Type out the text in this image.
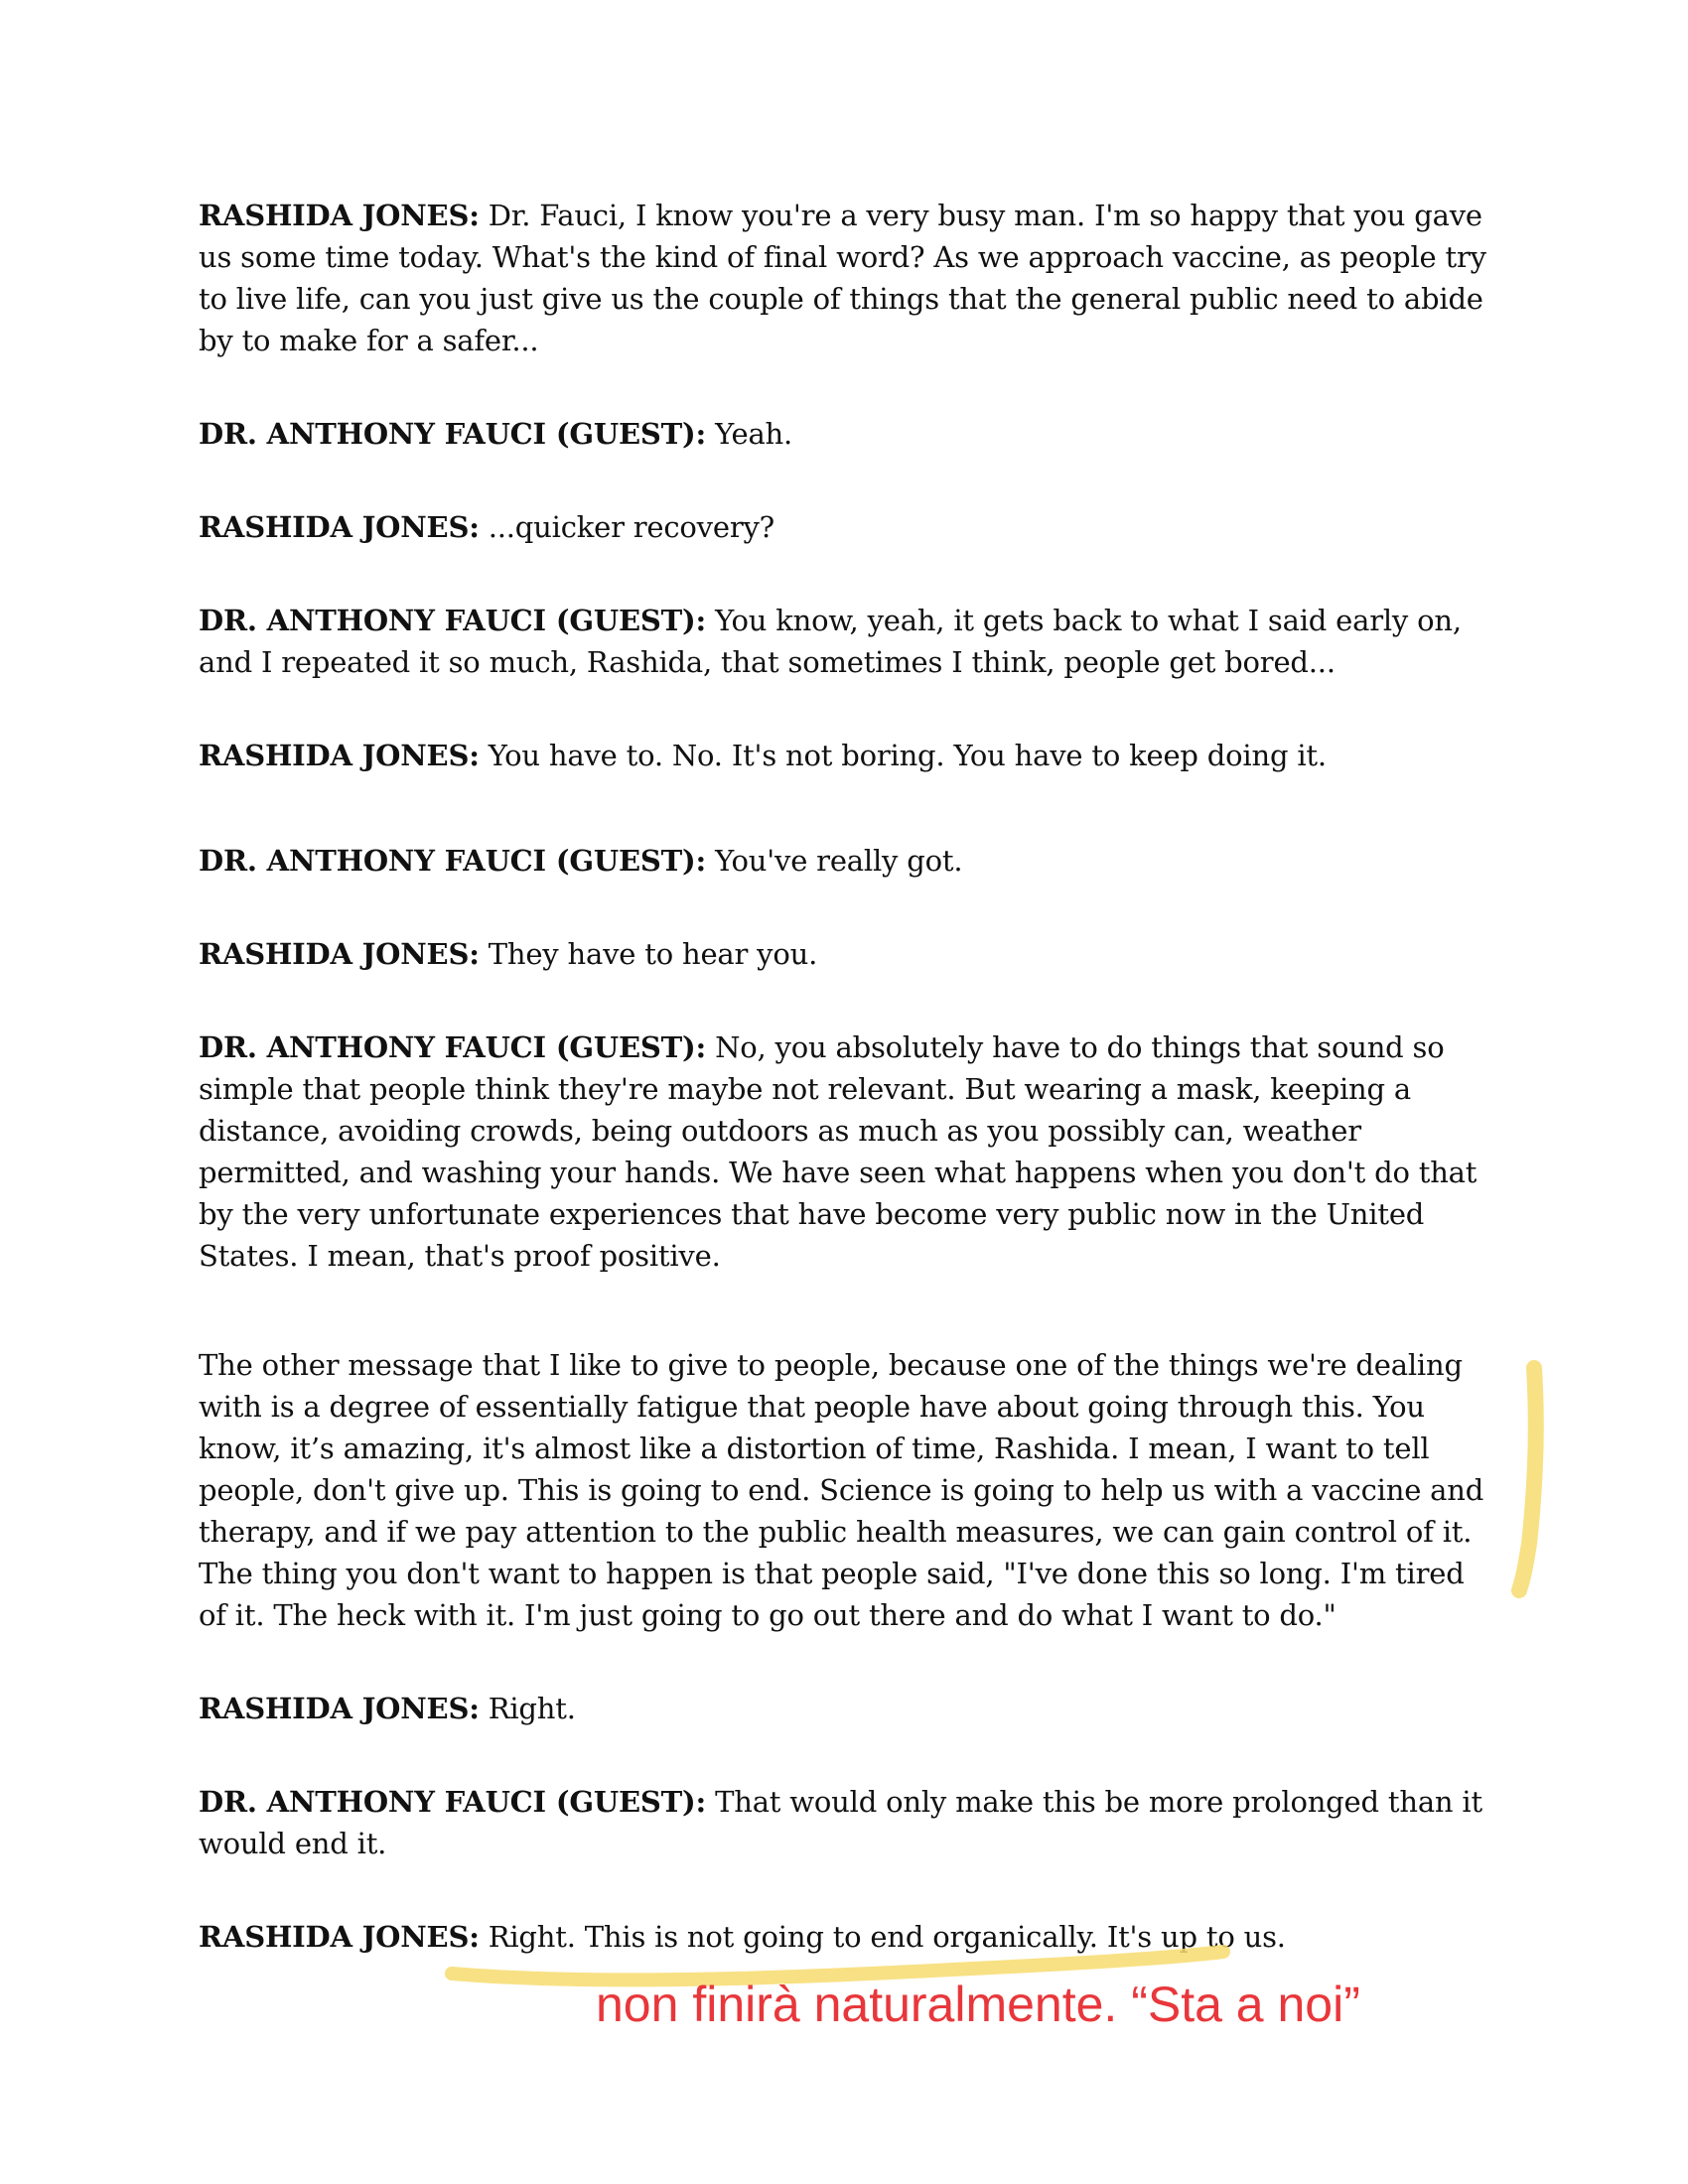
RASHIDA JONES: Dr. Fauci, I know you're a very busy man. I'm so happy that you gave us some time today. What's the kind of final word? As we approach vaccine, as people try to live life, can you just give us the couple of things that the general public need to abide by to make for a safer...

DR. ANTHONY FAUCI (GUEST): Yeah.

RASHIDA JONES: ...quicker recovery?

DR. ANTHONY FAUCI (GUEST): You know, yeah, it gets back to what I said early on, and I repeated it so much, Rashida, that sometimes I think, people get bored...

RASHIDA JONES: You have to. No. It's not boring. You have to keep doing it.

DR. ANTHONY FAUCI (GUEST): You've really got.

RASHIDA JONES: They have to hear you.

DR. ANTHONY FAUCI (GUEST): No, you absolutely have to do things that sound so simple that people think they're maybe not relevant. But wearing a mask, keeping a distance, avoiding crowds, being outdoors as much as you possibly can, weather permitted, and washing your hands. We have seen what happens when you don't do that by the very unfortunate experiences that have become very public now in the United States. I mean, that's proof positive.

The other message that I like to give to people, because one of the things we're dealing with is a degree of essentially fatigue that people have about going through this. You know, it’s amazing, it's almost like a distortion of time, Rashida. I mean, I want to tell people, don't give up. This is going to end. Science is going to help us with a vaccine and therapy, and if we pay attention to the public health measures, we can gain control of it. The thing you don't want to happen is that people said, "I've done this so long. I'm tired of it. The heck with it. I'm just going to go out there and do what I want to do."

RASHIDA JONES: Right.

DR. ANTHONY FAUCI (GUEST): That would only make this be more prolonged than it would end it.

RASHIDA JONES: Right. This is not going to end organically. It's up to us.

non finirà naturalmente. “Sta a noi”
